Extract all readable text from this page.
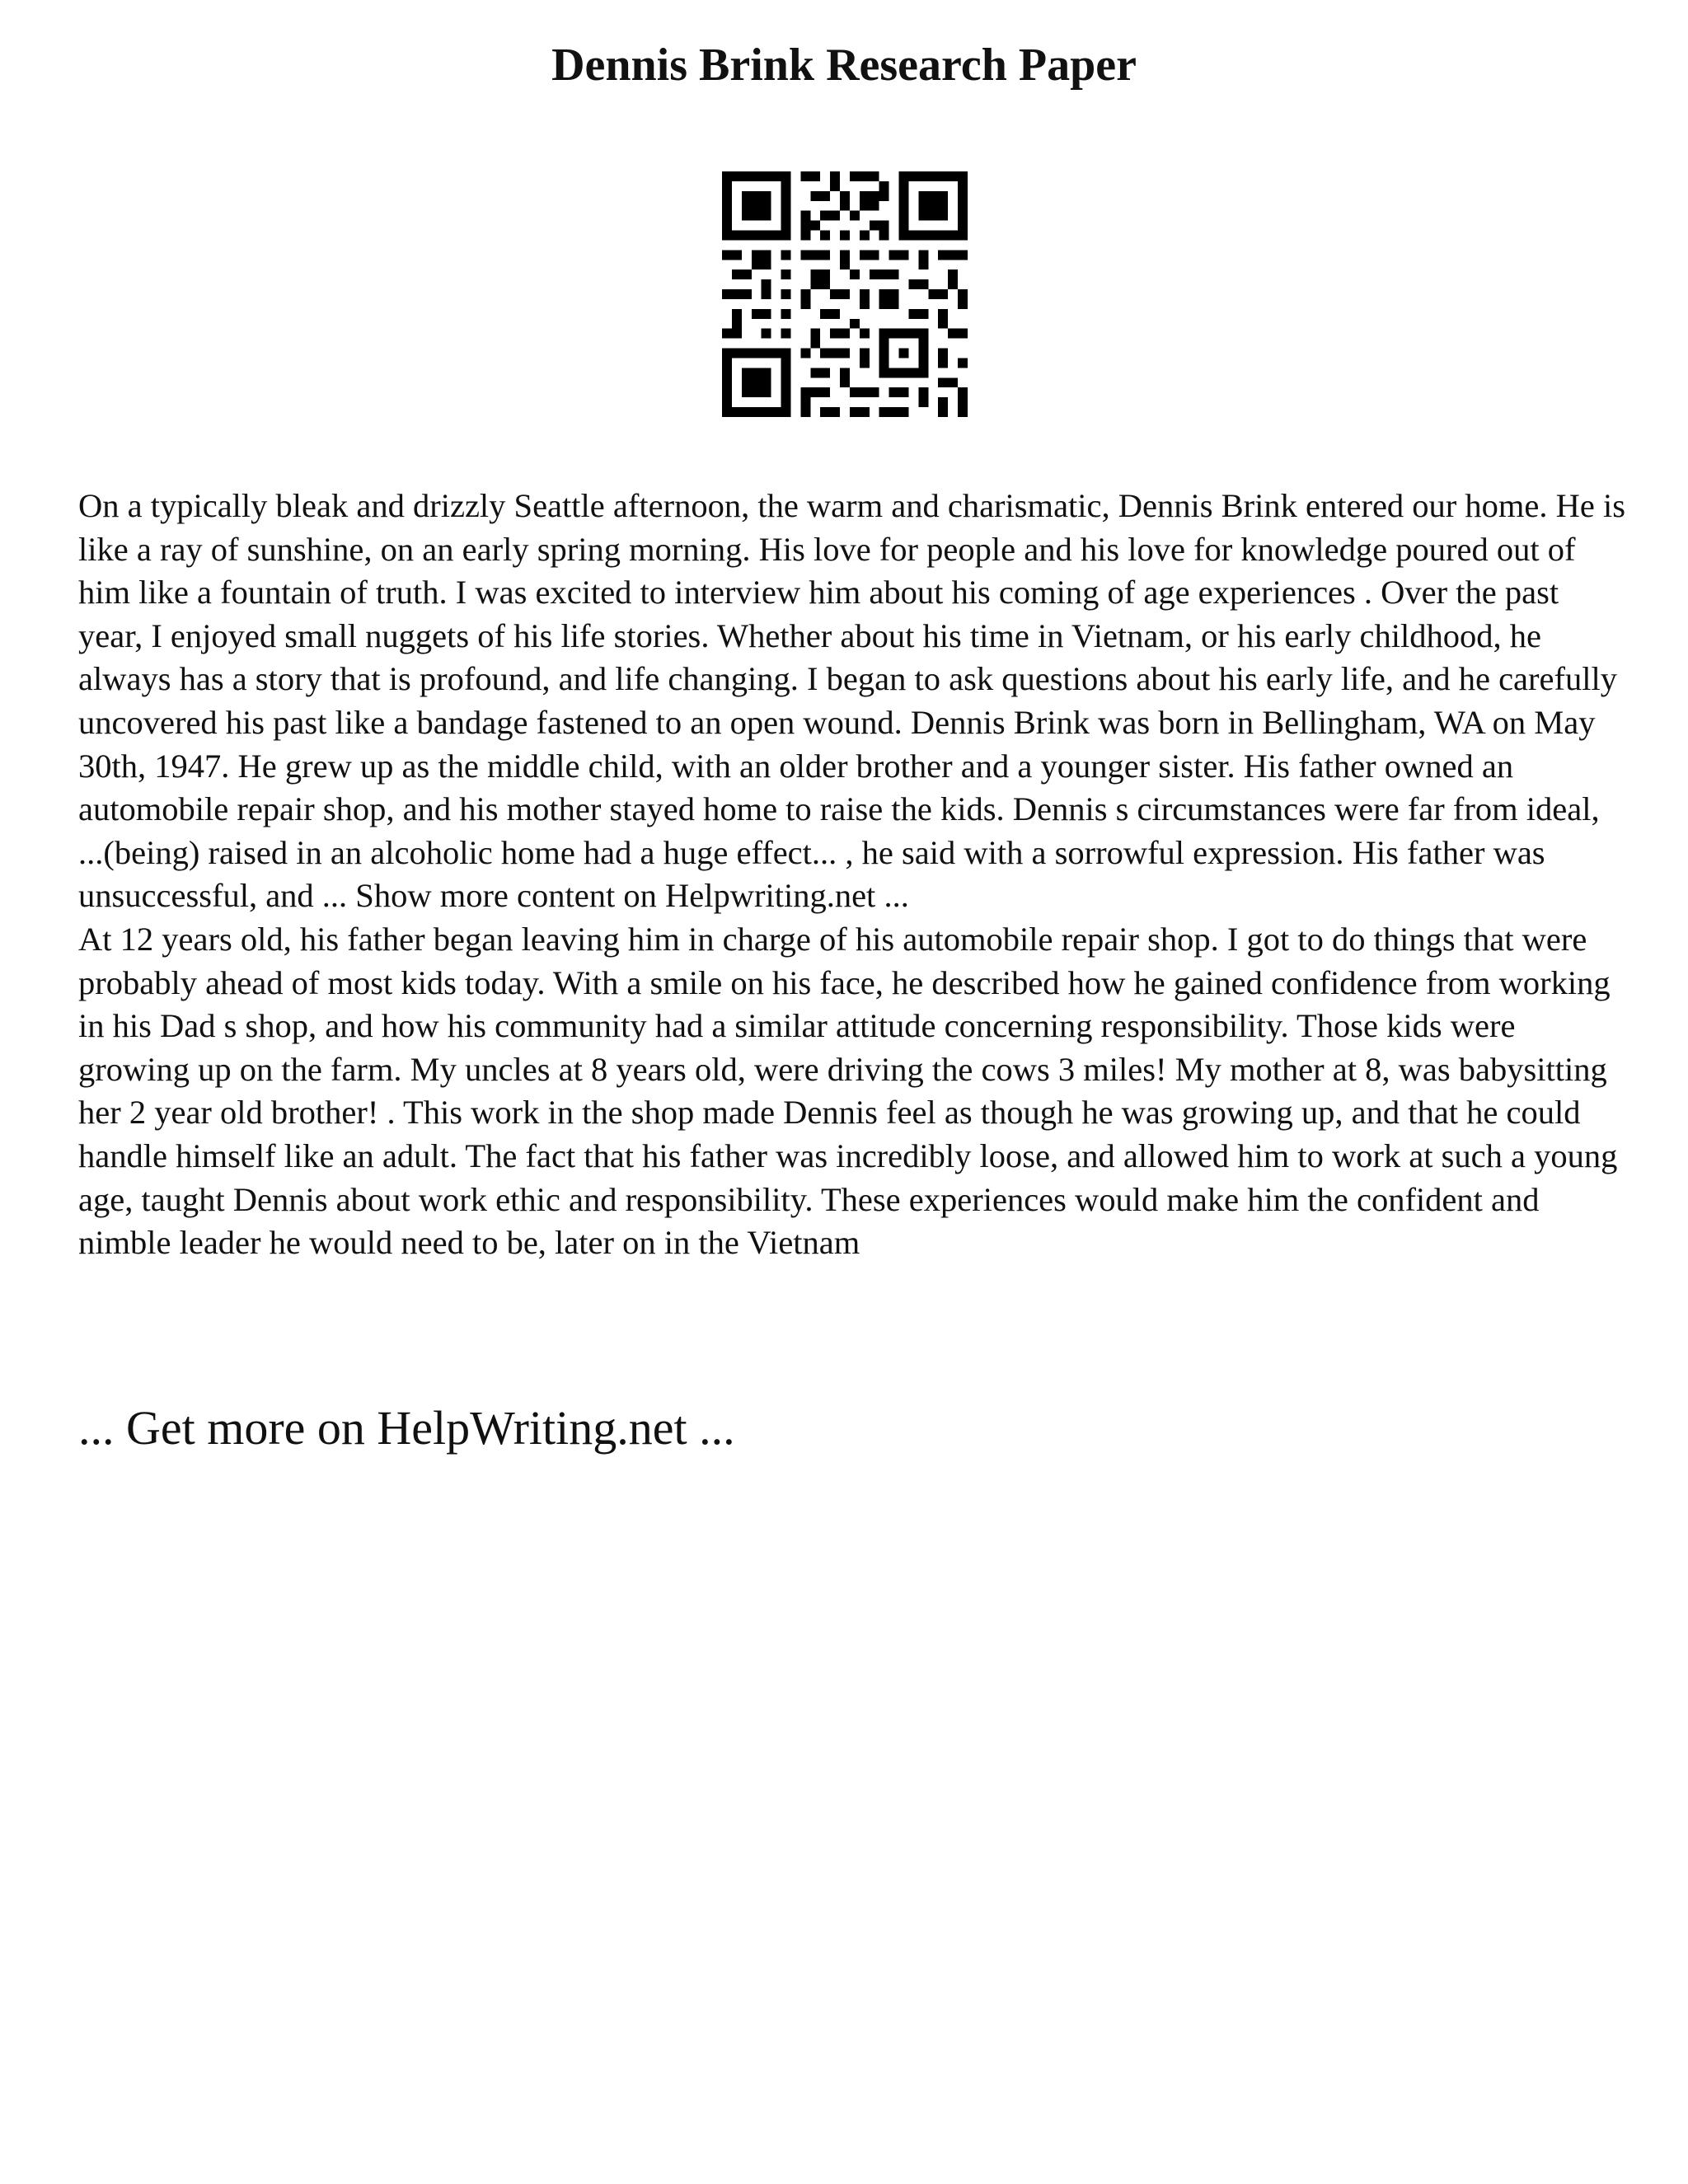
Dennis Brink Research Paper

On a typically bleak and drizzly Seattle afternoon, the warm and charismatic, Dennis Brink entered our home. He is like a ray of sunshine, on an early spring morning. His love for people and his love for knowledge poured out of him like a fountain of truth. I was excited to interview him about his coming of age experiences . Over the past year, I enjoyed small nuggets of his life stories. Whether about his time in Vietnam, or his early childhood, he always has a story that is profound, and life changing. I began to ask questions about his early life, and he carefully uncovered his past like a bandage fastened to an open wound. Dennis Brink was born in Bellingham, WA on May 30th, 1947. He grew up as the middle child, with an older brother and a younger sister. His father owned an automobile repair shop, and his mother stayed home to raise the kids. Dennis s circumstances were far from ideal, ...(being) raised in an alcoholic home had a huge effect... , he said with a sorrowful expression. His father was unsuccessful, and ... Show more content on Helpwriting.net ...

At 12 years old, his father began leaving him in charge of his automobile repair shop. I got to do things that were probably ahead of most kids today. With a smile on his face, he described how he gained confidence from working in his Dad s shop, and how his community had a similar attitude concerning responsibility. Those kids were growing up on the farm. My uncles at 8 years old, were driving the cows 3 miles! My mother at 8, was babysitting her 2 year old brother! . This work in the shop made Dennis feel as though he was growing up, and that he could handle himself like an adult. The fact that his father was incredibly loose, and allowed him to work at such a young age, taught Dennis about work ethic and responsibility. These experiences would make him the confident and nimble leader he would need to be, later on in the Vietnam

... Get more on HelpWriting.net ...
